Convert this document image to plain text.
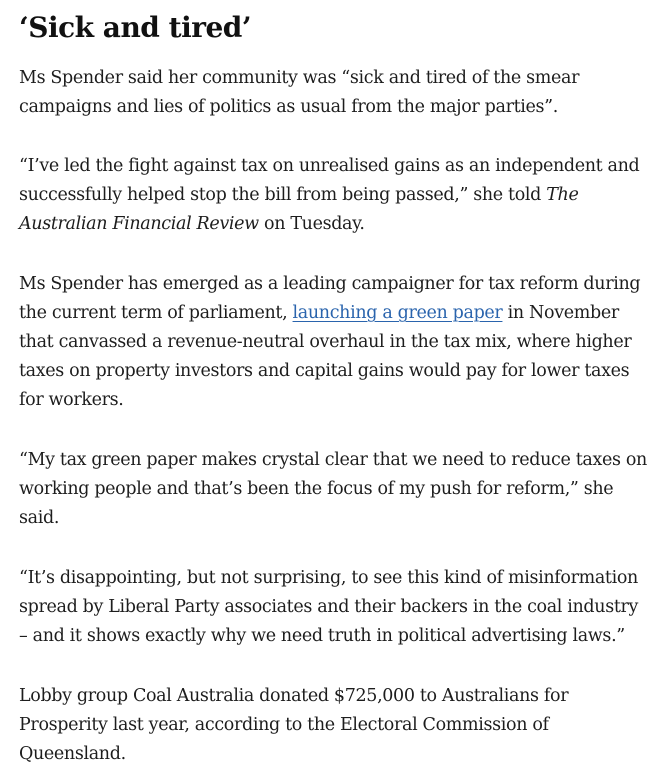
‘Sick and tired’

Ms Spender said her community was “sick and tired of the smear campaigns and lies of politics as usual from the major parties”.

“I’ve led the fight against tax on unrealised gains as an independent and successfully helped stop the bill from being passed,” she told The Australian Financial Review on Tuesday.

Ms Spender has emerged as a leading campaigner for tax reform during the current term of parliament, launching a green paper in November that canvassed a revenue-neutral overhaul in the tax mix, where higher taxes on property investors and capital gains would pay for lower taxes for workers.

“My tax green paper makes crystal clear that we need to reduce taxes on working people and that’s been the focus of my push for reform,” she said.

“It’s disappointing, but not surprising, to see this kind of misinformation spread by Liberal Party associates and their backers in the coal industry – and it shows exactly why we need truth in political advertising laws.”

Lobby group Coal Australia donated $725,000 to Australians for Prosperity last year, according to the Electoral Commission of Queensland.
